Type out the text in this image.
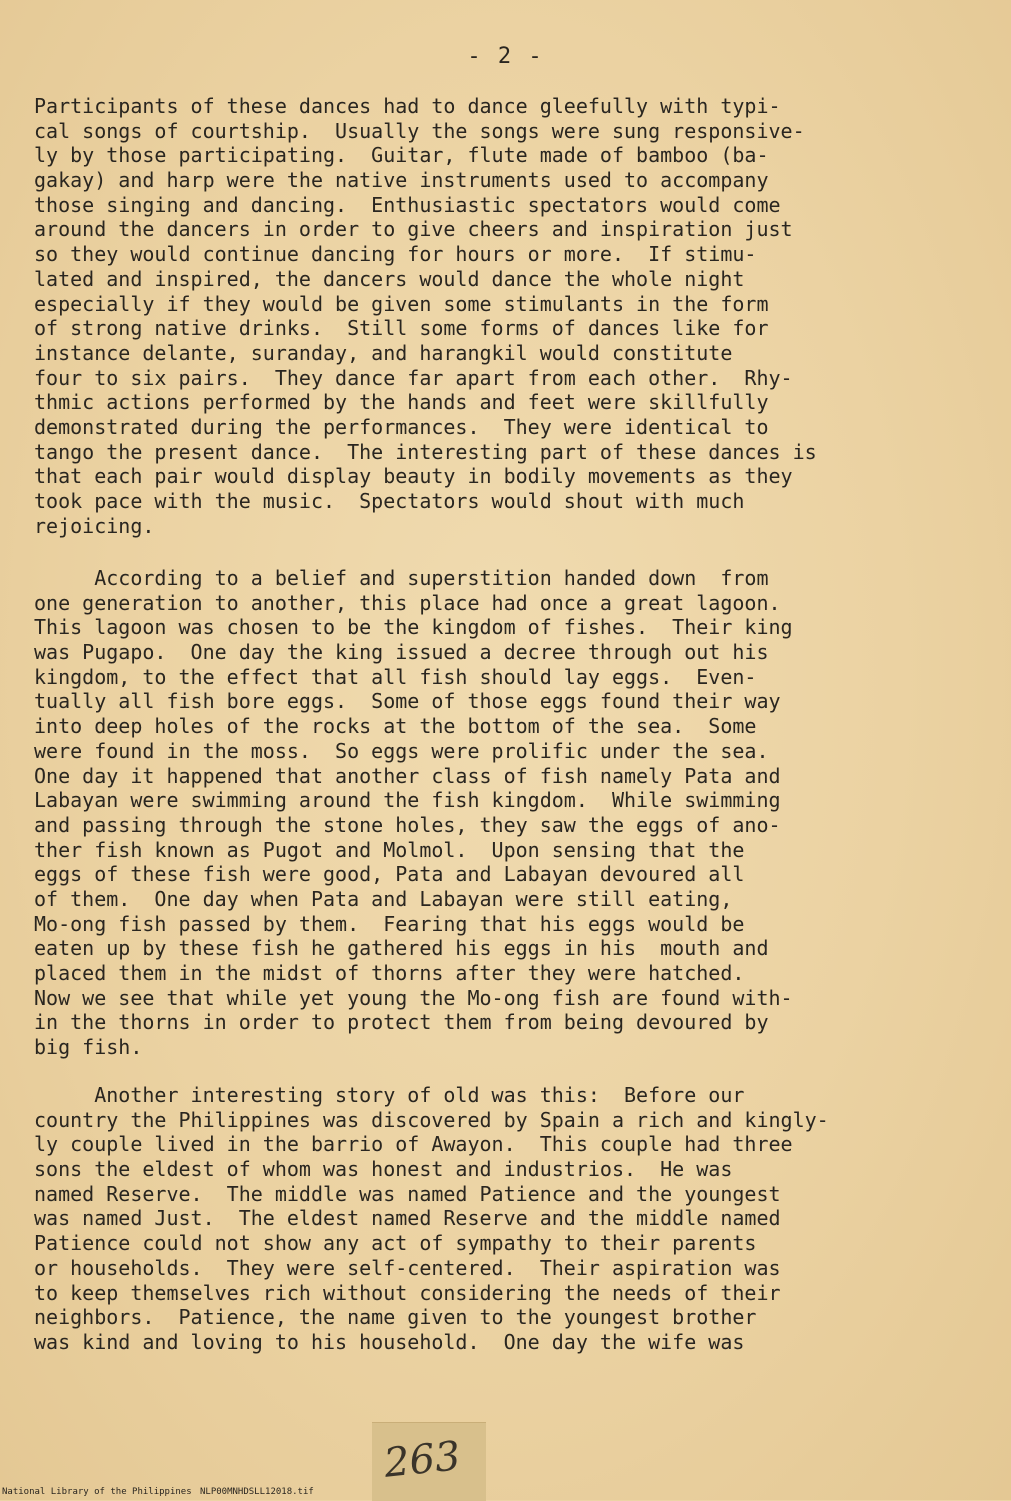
- 2 -
Participants of these dances had to dance gleefully with typi-
cal songs of courtship.  Usually the songs were sung responsive-
ly by those participating.  Guitar, flute made of bamboo (ba-
gakay) and harp were the native instruments used to accompany
those singing and dancing.  Enthusiastic spectators would come
around the dancers in order to give cheers and inspiration just
so they would continue dancing for hours or more.  If stimu-
lated and inspired, the dancers would dance the whole night
especially if they would be given some stimulants in the form
of strong native drinks.  Still some forms of dances like for
instance delante, suranday, and harangkil would constitute
four to six pairs.  They dance far apart from each other.  Rhy-
thmic actions performed by the hands and feet were skillfully
demonstrated during the performances.  They were identical to
tango the present dance.  The interesting part of these dances is
that each pair would display beauty in bodily movements as they
took pace with the music.  Spectators would shout with much
rejoicing.
According to a belief and superstition handed down  from
one generation to another, this place had once a great lagoon.
This lagoon was chosen to be the kingdom of fishes.  Their king
was Pugapo.  One day the king issued a decree through out his
kingdom, to the effect that all fish should lay eggs.  Even-
tually all fish bore eggs.  Some of those eggs found their way
into deep holes of the rocks at the bottom of the sea.  Some
were found in the moss.  So eggs were prolific under the sea.
One day it happened that another class of fish namely Pata and
Labayan were swimming around the fish kingdom.  While swimming
and passing through the stone holes, they saw the eggs of ano-
ther fish known as Pugot and Molmol.  Upon sensing that the
eggs of these fish were good, Pata and Labayan devoured all
of them.  One day when Pata and Labayan were still eating,
Mo-ong fish passed by them.  Fearing that his eggs would be
eaten up by these fish he gathered his eggs in his  mouth and
placed them in the midst of thorns after they were hatched.
Now we see that while yet young the Mo-ong fish are found with-
in the thorns in order to protect them from being devoured by
big fish.
Another interesting story of old was this:  Before our
country the Philippines was discovered by Spain a rich and kingly-
ly couple lived in the barrio of Awayon.  This couple had three
sons the eldest of whom was honest and industrios.  He was
named Reserve.  The middle was named Patience and the youngest
was named Just.  The eldest named Reserve and the middle named
Patience could not show any act of sympathy to their parents
or households.  They were self-centered.  Their aspiration was
to keep themselves rich without considering the needs of their
neighbors.  Patience, the name given to the youngest brother
was kind and loving to his household.  One day the wife was
263
National Library of the Philippines NLP00MNHDSLL12018.tif
